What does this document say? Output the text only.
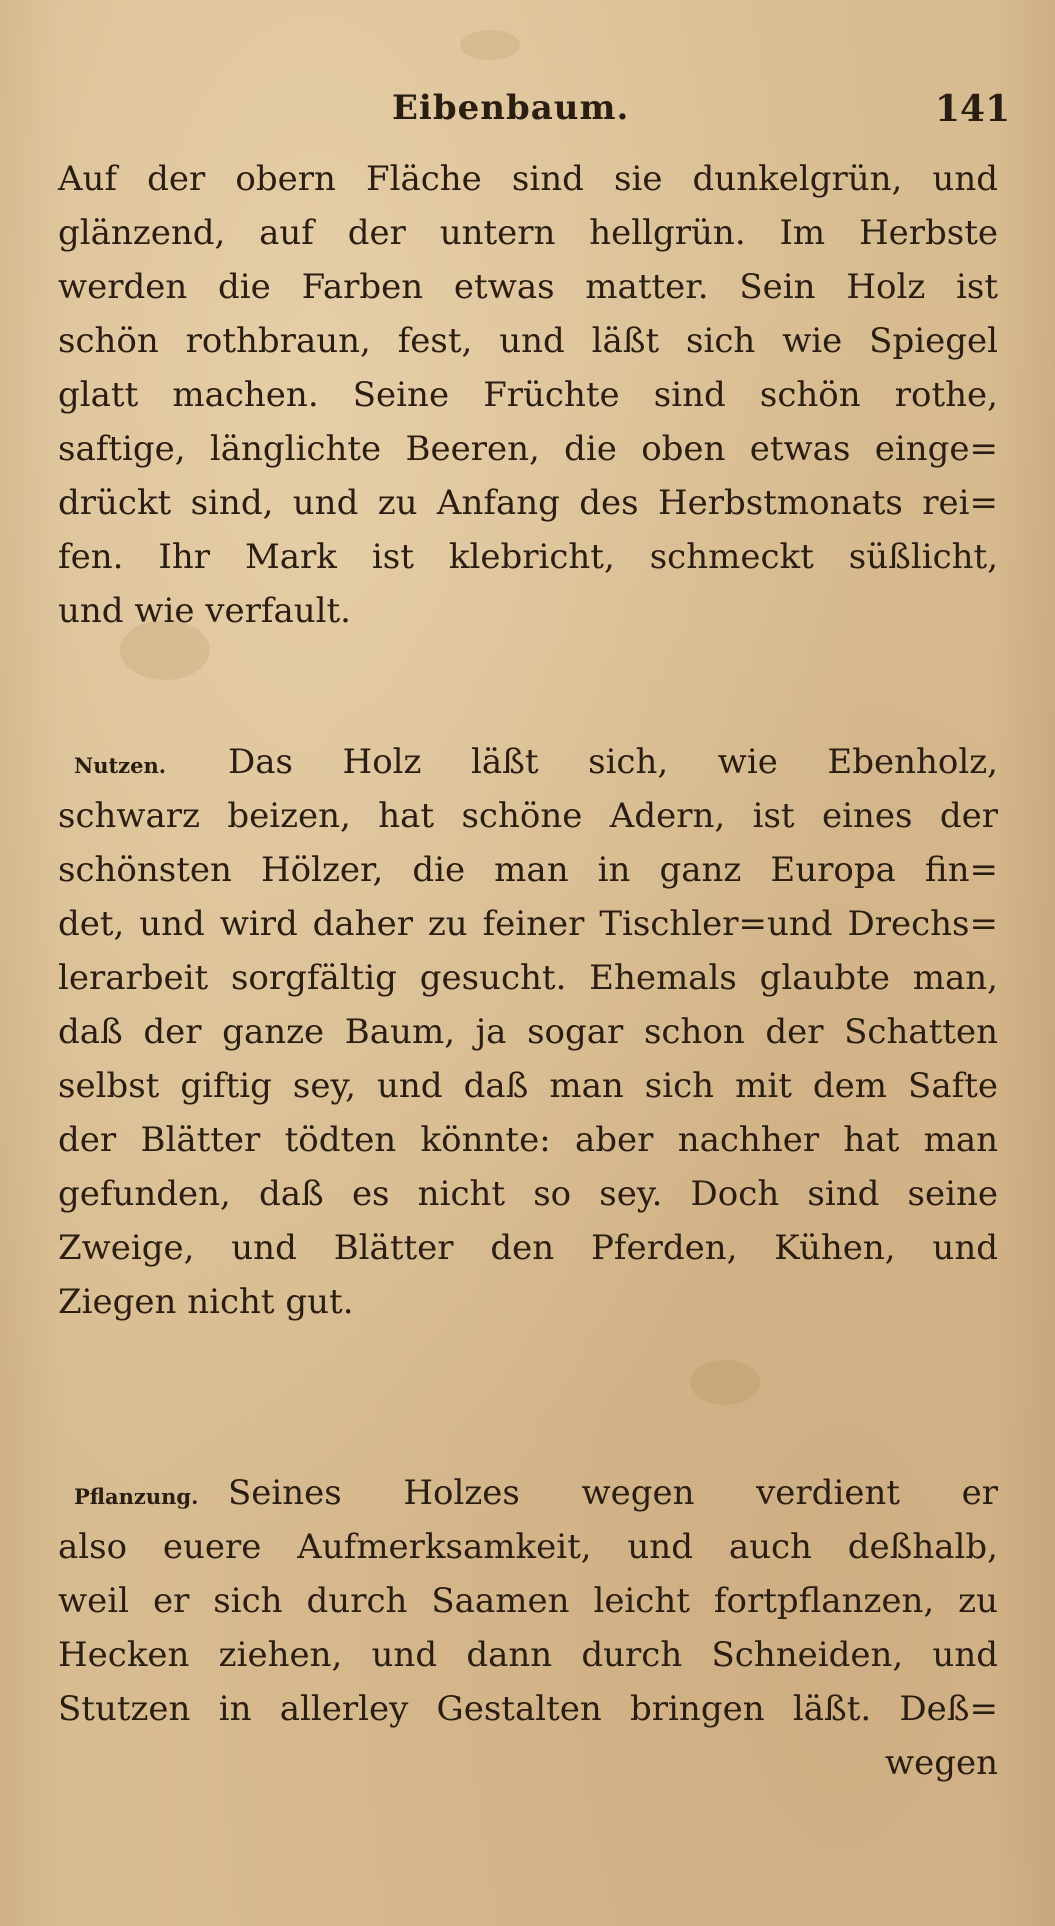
Eibenbaum.	141
Auf der obern Fläche sind sie dunkelgrün, und
glänzend, auf der untern hellgrün. Im Herbste
werden die Farben etwas matter. Sein Holz ist
schön rothbraun, fest, und läßt sich wie Spiegel
glatt machen. Seine Früchte sind schön rothe,
saftige, länglichte Beeren, die oben etwas einge=
drückt sind, und zu Anfang des Herbstmonats rei=
fen. Ihr Mark ist klebricht, schmeckt süßlicht,
und wie verfault.
Nutzen.	Das Holz läßt sich, wie Ebenholz,
schwarz beizen, hat schöne Adern, ist eines der
schönsten Hölzer, die man in ganz Europa fin=
det, und wird daher zu feiner Tischler=und Drechs=
lerarbeit sorgfältig gesucht. Ehemals glaubte man,
daß der ganze Baum, ja sogar schon der Schatten
selbst giftig sey, und daß man sich mit dem Safte
der Blätter tödten könnte: aber nachher hat man
gefunden, daß es nicht so sey. Doch sind seine
Zweige, und Blätter den Pferden, Kühen, und
Ziegen nicht gut.
Pflanzung. Seines Holzes wegen verdient er
also euere Aufmerksamkeit, und auch deßhalb,
weil er sich durch Saamen leicht fortpflanzen, zu
Hecken ziehen, und dann durch Schneiden, und
Stutzen in allerley Gestalten bringen läßt. Deß=
wegen
